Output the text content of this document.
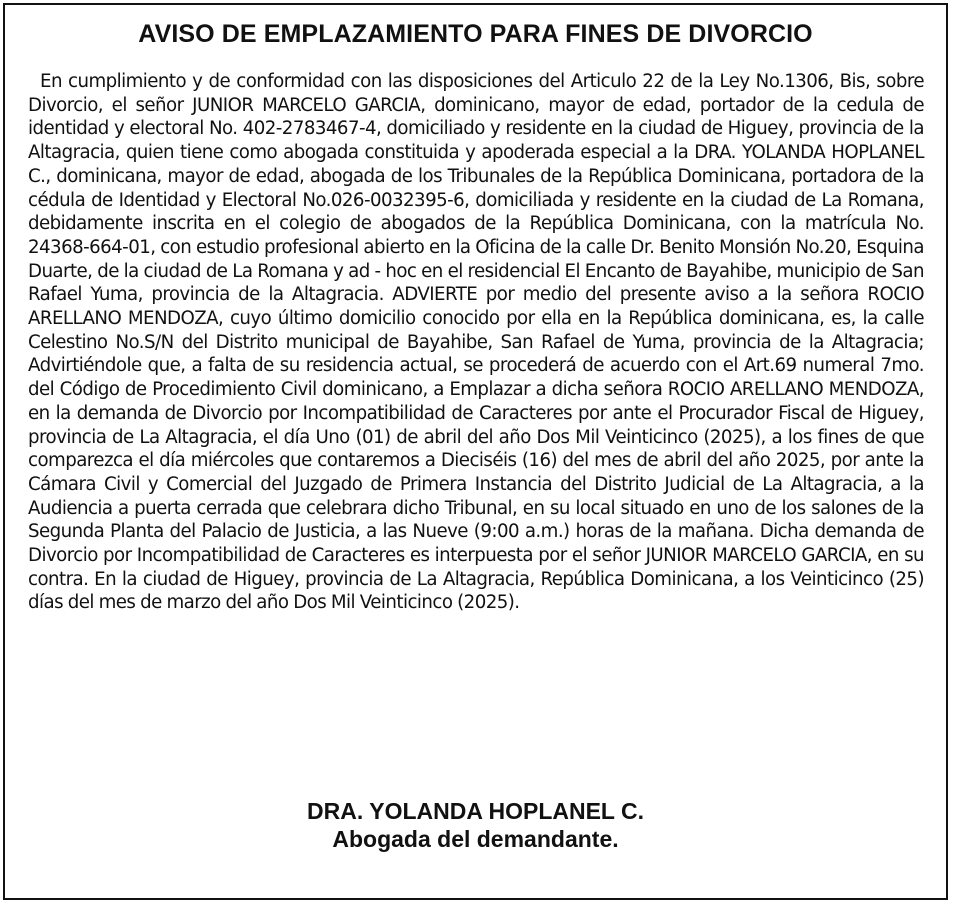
AVISO DE EMPLAZAMIENTO PARA FINES DE DIVORCIO

En cumplimiento y de conformidad con las disposiciones del Articulo 22 de la Ley No.1306, Bis, sobre Divorcio, el señor JUNIOR MARCELO GARCIA, dominicano, mayor de edad, portador de la cedula de identidad y electoral No. 402-2783467-4, domiciliado y residente en la ciudad de Higuey, provincia de la Altagracia, quien tiene como abogada constituida y apoderada especial a la DRA. YOLANDA HOPLANEL C., dominicana, mayor de edad, abogada de los Tribunales de la República Dominicana, portadora de la cédula de Identidad y Electoral No.026-0032395-6, domiciliada y residente en la ciudad de La Romana, debidamente inscrita en el colegio de abogados de la República Dominicana, con la matrícula No. 24368-664-01, con estudio profesional abierto en la Oficina de la calle Dr. Benito Monsión No.20, Esquina Duarte, de la ciudad de La Romana y ad - hoc en el residencial El Encanto de Bayahibe, municipio de San Rafael Yuma, provincia de la Altagracia. ADVIERTE por medio del presente aviso a la señora ROCIO ARELLANO MENDOZA, cuyo último domicilio conocido por ella en la República dominicana, es, la calle Celestino No.S/N del Distrito municipal de Bayahibe, San Rafael de Yuma, provincia de la Altagracia; Advirtiéndole que, a falta de su residencia actual, se procederá de acuerdo con el Art.69 numeral 7mo. del Código de Procedimiento Civil dominicano, a Emplazar a dicha señora ROCIO ARELLANO MENDOZA, en la demanda de Divorcio por Incompatibilidad de Caracteres por ante el Procurador Fiscal de Higuey, provincia de La Altagracia, el día Uno (01) de abril del año Dos Mil Veinticinco (2025), a los fines de que comparezca el día miércoles que contaremos a Dieciséis (16) del mes de abril del año 2025, por ante la Cámara Civil y Comercial del Juzgado de Primera Instancia del Distrito Judicial de La Altagracia, a la Audiencia a puerta cerrada que celebrara dicho Tribunal, en su local situado en uno de los salones de la Segunda Planta del Palacio de Justicia, a las Nueve (9:00 a.m.) horas de la mañana. Dicha demanda de Divorcio por Incompatibilidad de Caracteres es interpuesta por el señor JUNIOR MARCELO GARCIA, en su contra. En la ciudad de Higuey, provincia de La Altagracia, República Dominicana, a los Veinticinco (25) días del mes de marzo del año Dos Mil Veinticinco (2025).

DRA. YOLANDA HOPLANEL C.
Abogada del demandante.
